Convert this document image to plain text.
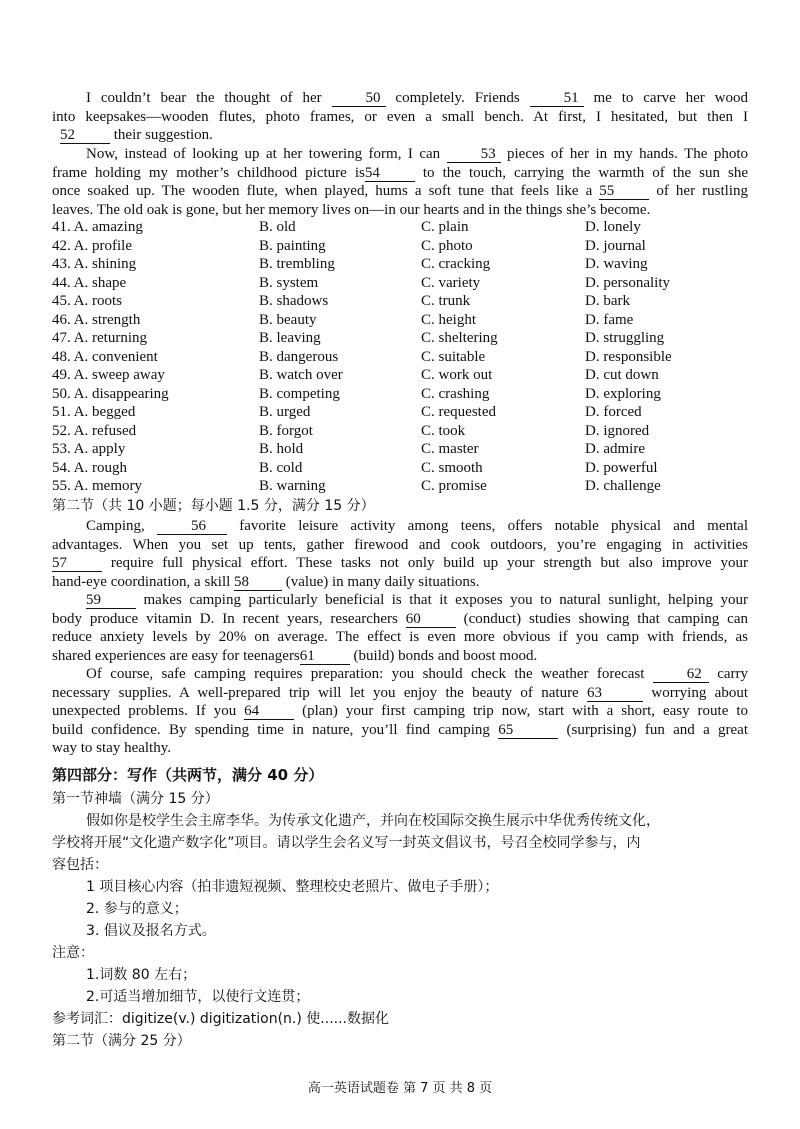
I couldn’t bear the thought of her 50 completely. Friends 51 me to carve her wood
into keepsakes—wooden flutes, photo frames, or even a small bench. At first, I hesitated, but then I
52 their suggestion.
Now, instead of looking up at her towering form, I can 53 pieces of her in my hands. The photo
frame holding my mother’s childhood picture is54 to the touch, carrying the warmth of the sun she
once soaked up. The wooden flute, when played, hums a soft tune that feels like a 55 of her rustling
leaves. The old oak is gone, but her memory lives on—in our hearts and in the things she’s become.
41. A. amazing	B. old	C. plain	D. lonely
42. A. profile	B. painting	C. photo	D. journal
43. A. shining	B. trembling	C. cracking	D. waving
44. A. shape	B. system	C. variety	D. personality
45. A. roots	B. shadows	C. trunk	D. bark
46. A. strength	B. beauty	C. height	D. fame
47. A. returning	B. leaving	C. sheltering	D. struggling
48. A. convenient	B. dangerous	C. suitable	D. responsible
49. A. sweep away	B. watch over	C. work out	D. cut down
50. A. disappearing	B. competing	C. crashing	D. exploring
51. A. begged	B. urged	C. requested	D. forced
52. A. refused	B. forgot	C. took	D. ignored
53. A. apply	B. hold	C. master	D. admire
54. A. rough	B. cold	C. smooth	D. powerful
55. A. memory	B. warning	C. promise	D. challenge
第二节（共 10 小题；每小题 1.5 分，满分 15 分）
Camping, 56 favorite leisure activity among teens, offers notable physical and mental
advantages. When you set up tents, gather firewood and cook outdoors, you’re engaging in activities
57 require full physical effort. These tasks not only build up your strength but also improve your
hand-eye coordination, a skill 58 (value) in many daily situations.
59 makes camping particularly beneficial is that it exposes you to natural sunlight, helping your
body produce vitamin D. In recent years, researchers 60 (conduct) studies showing that camping can
reduce anxiety levels by 20% on average. The effect is even more obvious if you camp with friends, as
shared experiences are easy for teenagers61 (build) bonds and boost mood.
Of course, safe camping requires preparation: you should check the weather forecast 62 carry
necessary supplies. A well-prepared trip will let you enjoy the beauty of nature 63	worrying about
unexpected problems. If you 64 (plan) your first camping trip now, start with a short, easy route to
build confidence. By spending time in nature, you’ll find camping 65	(surprising) fun and a great
way to stay healthy.
第四部分：写作（共两节，满分 40 分）
第一节神墙（满分 15 分）
假如你是校学生会主席李华。为传承文化遗产，并向在校国际交换生展示中华优秀传统文化，
学校将开展“文化遗产数字化”项目。请以学生会名义写一封英文倡议书，号召全校同学参与，内
容包括：
1 项目核心内容（拍非遗短视频、整理校史老照片、做电子手册）；
2. 参与的意义；
3. 倡议及报名方式。
注意：
1.词数 80 左右；
2.可适当增加细节，以使行文连贯；
参考词汇：digitize(v.) digitization(n.) 使......数据化
第二节（满分 25 分）
高一英语试题卷 第 7 页 共 8 页
